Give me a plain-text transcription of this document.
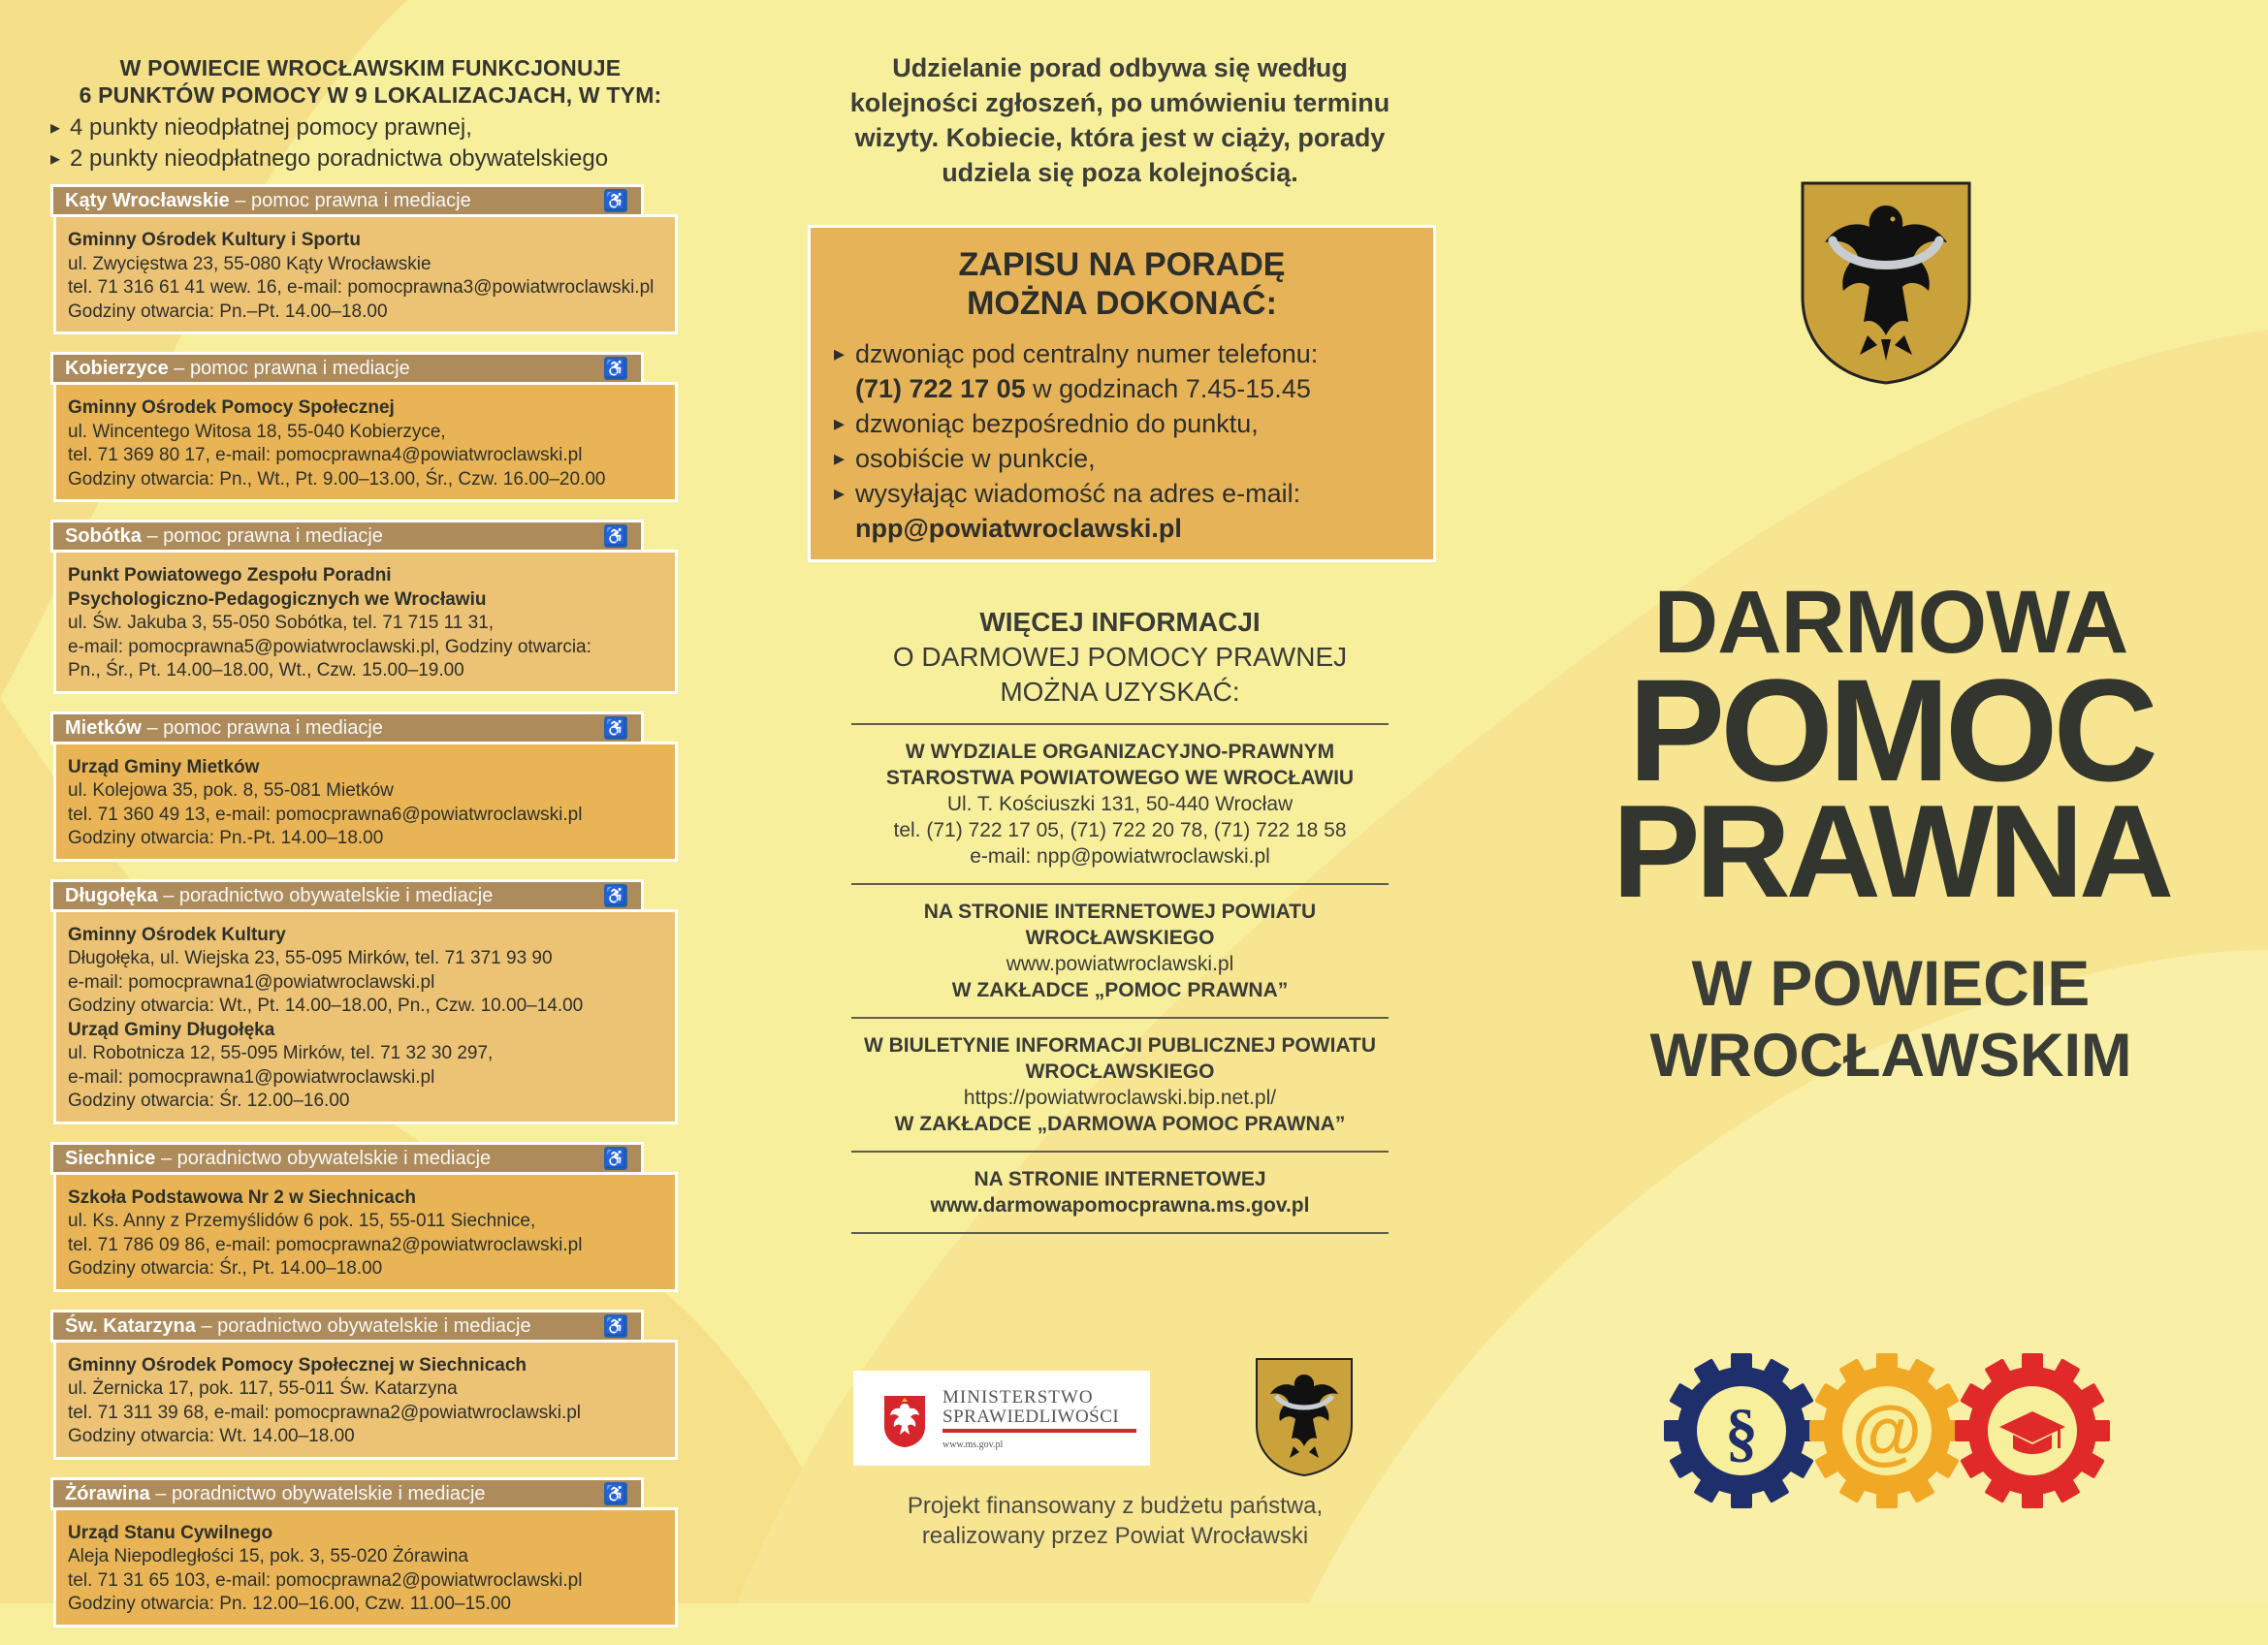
W POWIECIE WROCŁAWSKIM FUNKCJONUJE
6 PUNKTÓW POMOCY W 9 LOKALIZACJACH, W TYM:
▸ 4 punkty nieodpłatnej pomocy prawnej,
▸ 2 punkty nieodpłatnego poradnictwa obywatelskiego
Kąty Wrocławskie – pomoc prawna i mediacje	♿
Gminny Ośrodek Kultury i Sportu
ul. Zwycięstwa 23, 55-080 Kąty Wrocławskie
tel. 71 316 61 41 wew. 16, e-mail: pomocprawna3@powiatwroclawski.pl
Godziny otwarcia: Pn.–Pt. 14.00–18.00
Kobierzyce – pomoc prawna i mediacje	♿
Gminny Ośrodek Pomocy Społecznej
ul. Wincentego Witosa 18, 55-040 Kobierzyce,
tel. 71 369 80 17, e-mail: pomocprawna4@powiatwroclawski.pl
Godziny otwarcia: Pn., Wt., Pt. 9.00–13.00, Śr., Czw. 16.00–20.00
Sobótka – pomoc prawna i mediacje	♿
Punkt Powiatowego Zespołu Poradni
Psychologiczno-Pedagogicznych we Wrocławiu
ul. Św. Jakuba 3, 55-050 Sobótka, tel. 71 715 11 31,
e-mail: pomocprawna5@powiatwroclawski.pl, Godziny otwarcia:
Pn., Śr., Pt. 14.00–18.00, Wt., Czw. 15.00–19.00
Mietków – pomoc prawna i mediacje	♿
Urząd Gminy Mietków
ul. Kolejowa 35, pok. 8, 55-081 Mietków
tel. 71 360 49 13, e-mail: pomocprawna6@powiatwroclawski.pl
Godziny otwarcia: Pn.-Pt. 14.00–18.00
Długołęka – poradnictwo obywatelskie i mediacje	♿
Gminny Ośrodek Kultury
Długołęka, ul. Wiejska 23, 55-095 Mirków, tel. 71 371 93 90
e-mail: pomocprawna1@powiatwroclawski.pl
Godziny otwarcia: Wt., Pt. 14.00–18.00, Pn., Czw. 10.00–14.00
Urząd Gminy Długołęka
ul. Robotnicza 12, 55-095 Mirków, tel. 71 32 30 297,
e-mail: pomocprawna1@powiatwroclawski.pl
Godziny otwarcia: Śr. 12.00–16.00
Siechnice – poradnictwo obywatelskie i mediacje	♿
Szkoła Podstawowa Nr 2 w Siechnicach
ul. Ks. Anny z Przemyślidów 6 pok. 15, 55-011 Siechnice,
tel. 71 786 09 86, e-mail: pomocprawna2@powiatwroclawski.pl
Godziny otwarcia: Śr., Pt. 14.00–18.00
Św. Katarzyna – poradnictwo obywatelskie i mediacje	♿
Gminny Ośrodek Pomocy Społecznej w Siechnicach
ul. Żernicka 17, pok. 117, 55-011 Św. Katarzyna
tel. 71 311 39 68, e-mail: pomocprawna2@powiatwroclawski.pl
Godziny otwarcia: Wt. 14.00–18.00
Żórawina – poradnictwo obywatelskie i mediacje	♿
Urząd Stanu Cywilnego
Aleja Niepodległości 15, pok. 3, 55-020 Żórawina
tel. 71 31 65 103, e-mail: pomocprawna2@powiatwroclawski.pl
Godziny otwarcia: Pn. 12.00–16.00, Czw. 11.00–15.00
Udzielanie porad odbywa się według
kolejności zgłoszeń, po umówieniu terminu
wizyty. Kobiecie, która jest w ciąży, porady
udziela się poza kolejnością.
ZAPISU NA PORADĘ
MOŻNA DOKONAĆ:
▸ dzwoniąc pod centralny numer telefonu:
(71) 722 17 05 w godzinach 7.45-15.45
▸ dzwoniąc bezpośrednio do punktu,
▸ osobiście w punkcie,
▸ wysyłając wiadomość na adres e-mail:
npp@powiatwroclawski.pl
WIĘCEJ INFORMACJI
O DARMOWEJ POMOCY PRAWNEJ
MOŻNA UZYSKAĆ:
W WYDZIALE ORGANIZACYJNO-PRAWNYM
STAROSTWA POWIATOWEGO WE WROCŁAWIU
Ul. T. Kościuszki 131, 50-440 Wrocław
tel. (71) 722 17 05, (71) 722 20 78, (71) 722 18 58
e-mail: npp@powiatwroclawski.pl
NA STRONIE INTERNETOWEJ POWIATU
WROCŁAWSKIEGO
www.powiatwroclawski.pl
W ZAKŁADCE „POMOC PRAWNA”
W BIULETYNIE INFORMACJI PUBLICZNEJ POWIATU
WROCŁAWSKIEGO
https://powiatwroclawski.bip.net.pl/
W ZAKŁADCE „DARMOWA POMOC PRAWNA”
NA STRONIE INTERNETOWEJ
www.darmowapomocprawna.ms.gov.pl
MINISTERSTWO
SPRAWIEDLIWOŚCI
www.ms.gov.pl
Projekt finansowany z budżetu państwa,
realizowany przez Powiat Wrocławski
DARMOWA
POMOC
PRAWNA
W POWIECIE
WROCŁAWSKIM
§ @
